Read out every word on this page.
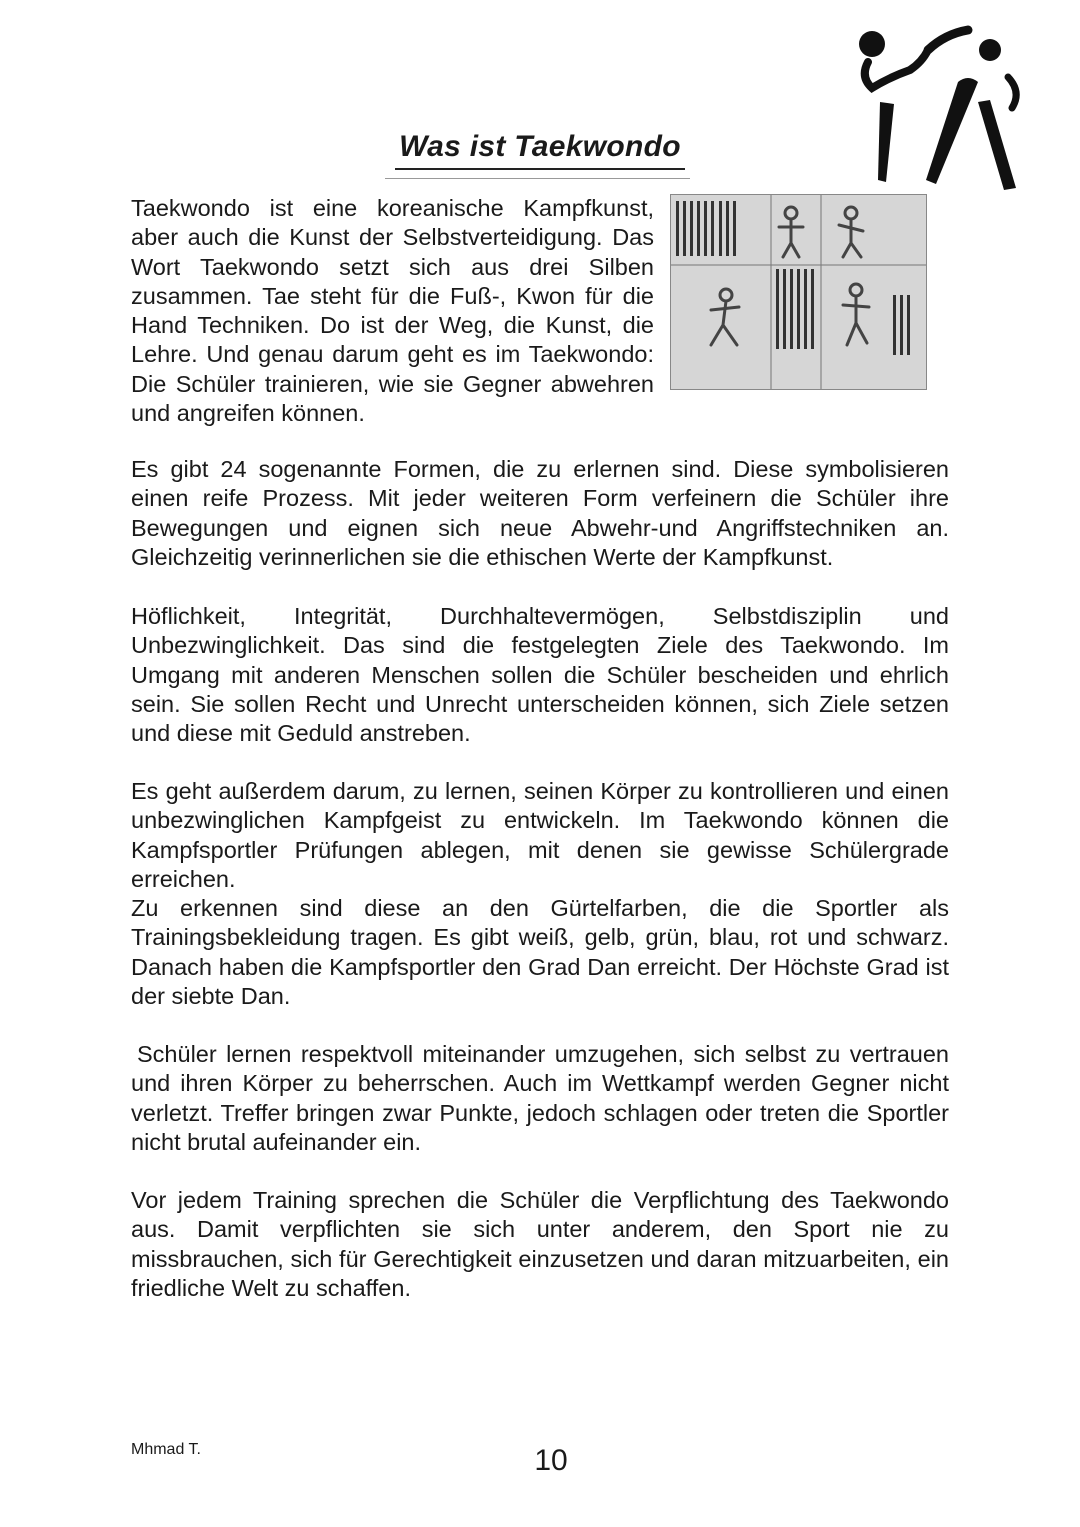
Was ist Taekwondo

Taekwondo ist eine koreanische Kampfkunst, aber auch die Kunst der Selbstverteidigung. Das Wort Taekwondo setzt sich aus drei Silben zusammen. Tae steht für die Fuß-, Kwon für die Hand Techniken. Do ist der Weg, die Kunst, die Lehre. Und genau darum geht es im Taekwondo: Die Schüler trainieren, wie sie Gegner abwehren und angreifen können.

Es gibt 24 sogenannte Formen, die zu erlernen sind. Diese symbolisieren einen reife Prozess. Mit jeder weiteren Form verfeinern die Schüler ihre Bewegungen und eignen sich neue Abwehr-und Angriffstechniken an. Gleichzeitig verinnerlichen sie die ethischen Werte der Kampfkunst.

Höflichkeit, Integrität, Durchhaltevermögen, Selbstdisziplin und Unbezwinglichkeit. Das sind die festgelegten Ziele des Taekwondo. Im Umgang mit anderen Menschen sollen die Schüler bescheiden und ehrlich sein. Sie sollen Recht und Unrecht unterscheiden können, sich Ziele setzen und diese mit Geduld anstreben.

Es geht außerdem darum, zu lernen, seinen Körper zu kontrollieren und einen unbezwinglichen Kampfgeist zu entwickeln. Im Taekwondo können die Kampfsportler Prüfungen ablegen, mit denen sie gewisse Schülergrade erreichen.

Zu erkennen sind diese an den Gürtelfarben, die die Sportler als Trainingsbekleidung tragen. Es gibt weiß, gelb, grün, blau, rot und schwarz. Danach haben die Kampfsportler den Grad Dan erreicht. Der Höchste Grad ist der siebte Dan.

Schüler lernen respektvoll miteinander umzugehen, sich selbst zu vertrauen und ihren Körper zu beherrschen. Auch im Wettkampf werden Gegner nicht verletzt. Treffer bringen zwar Punkte, jedoch schlagen oder treten die Sportler nicht brutal aufeinander ein.

Vor jedem Training sprechen die Schüler die Verpflichtung des Taekwondo aus. Damit verpflichten sie sich unter anderem, den Sport nie zu missbrauchen, sich für Gerechtigkeit einzusetzen und daran mitzuarbeiten, ein friedliche Welt zu schaffen.

Mhmad T.	10
